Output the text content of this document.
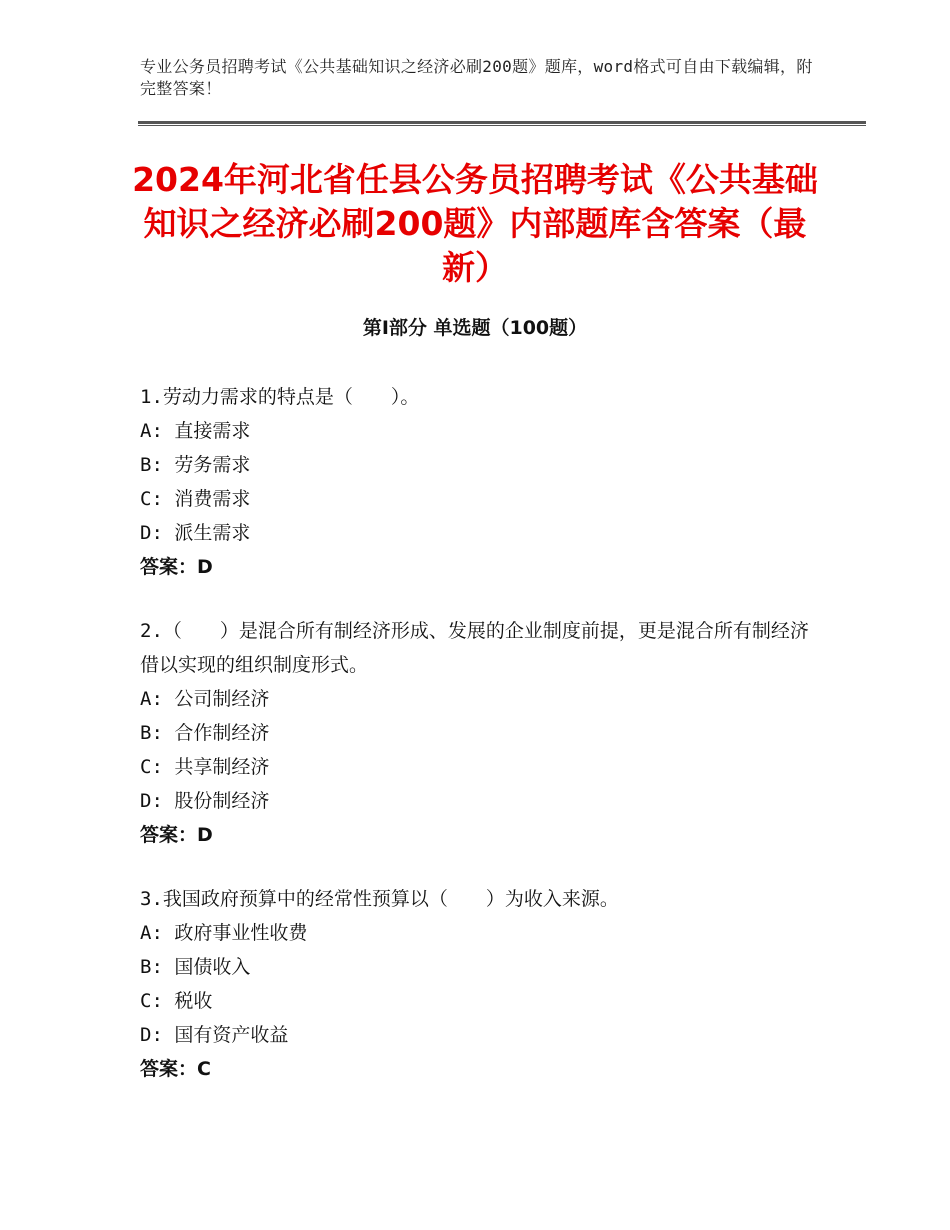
专业公务员招聘考试《公共基础知识之经济必刷200题》题库，word格式可自由下载编辑，附完整答案！
2024年河北省任县公务员招聘考试《公共基础知识之经济必刷200题》内部题库含答案（最新）
第Ⅰ部分 单选题（100题）
1.劳动力需求的特点是（　　）。
A: 直接需求
B: 劳务需求
C: 消费需求
D: 派生需求
答案：D
2.（　　）是混合所有制经济形成、发展的企业制度前提，更是混合所有制经济借以实现的组织制度形式。
A: 公司制经济
B: 合作制经济
C: 共享制经济
D: 股份制经济
答案：D
3.我国政府预算中的经常性预算以（　　）为收入来源。
A: 政府事业性收费
B: 国债收入
C: 税收
D: 国有资产收益
答案：C
